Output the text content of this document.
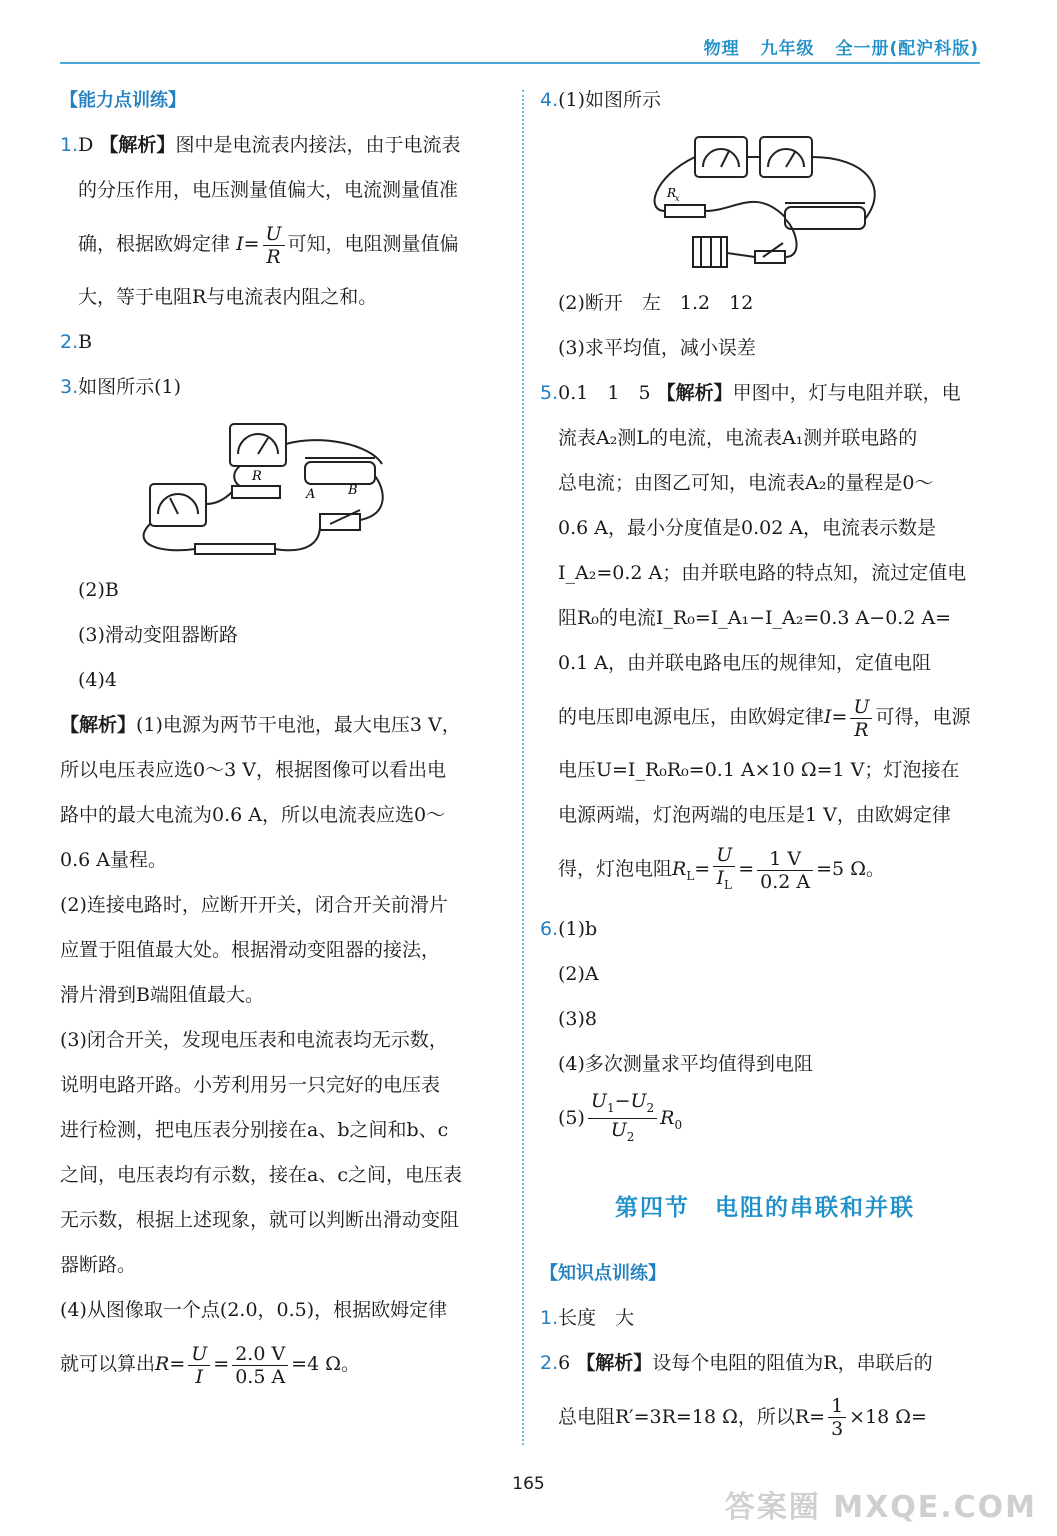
物理 九年级 全一册(配沪科版)

【能力点训练】

1.D 【解析】图中是电流表内接法，由于电流表

的分压作用，电压测量值偏大，电流测量值准

确，根据欧姆定律 $I= \frac{U}{R}$ 可知，电阻测量值偏

大，等于电阻R与电流表内阻之和。

2.B

3.如图所示(1)

R
A	B

(2)B

(3)滑动变阻器断路

(4)4

【解析】(1)电源为两节干电池，最大电压3 V，

所以电压表应选0～3 V，根据图像可以看出电

路中的最大电流为0.6 A，所以电流表应选0～

0.6 A量程。

(2)连接电路时，应断开开关，闭合开关前滑片

应置于阻值最大处。根据滑动变阻器的接法，

滑片滑到B端阻值最大。

(3)闭合开关，发现电压表和电流表均无示数，

说明电路开路。小芳利用另一只完好的电压表

进行检测，把电压表分别接在a、b之间和b、c

之间，电压表均有示数，接在a、c之间，电压表

无示数，根据上述现象，就可以判断出滑动变阻

器断路。

(4)从图像取一个点(2.0，0.5)，根据欧姆定律

就可以算出$R= \frac{U}{I} = \frac{2.0 V}{0.5 A} =4$ Ω。

4.(1)如图所示

R
x

(2)断开　左　1.2　12

(3)求平均值，减小误差

5.0.1　1　5 【解析】甲图中，灯与电阻并联，电

流表A₂测L的电流，电流表A₁测并联电路的

总电流；由图乙可知，电流表A₂的量程是0～

0.6 A，最小分度值是0.02 A，电流表示数是

I_A₂=0.2 A；由并联电路的特点知，流过定值电

阻R₀的电流I_R₀=I_A₁−I_A₂=0.3 A−0.2 A=

0.1 A，由并联电路电压的规律知，定值电阻

的电压即电源电压，由欧姆定律$I= \frac{U}{R}$ 可得，电源

电压U=I_R₀R₀=0.1 A×10 Ω=1 V；灯泡接在

电源两端，灯泡两端的电压是1 V，由欧姆定律

得，灯泡电阻$R_L= \frac{U}{I_L} = \frac{1 V}{0.2 A} =5$ Ω。

6.(1)b

(2)A

(3)8

(4)多次测量求平均值得到电阻

$(5) \frac{U_1-U_2}{U_2} R_0$

第四节　电阻的串联和并联

【知识点训练】

1.长度　大

2.6 【解析】设每个电阻的阻值为R，串联后的

总电阻R′=3R=18 Ω，所以$R= \frac{1}{3} \times 18$ Ω=

165
答案圈 MXQE.COM
